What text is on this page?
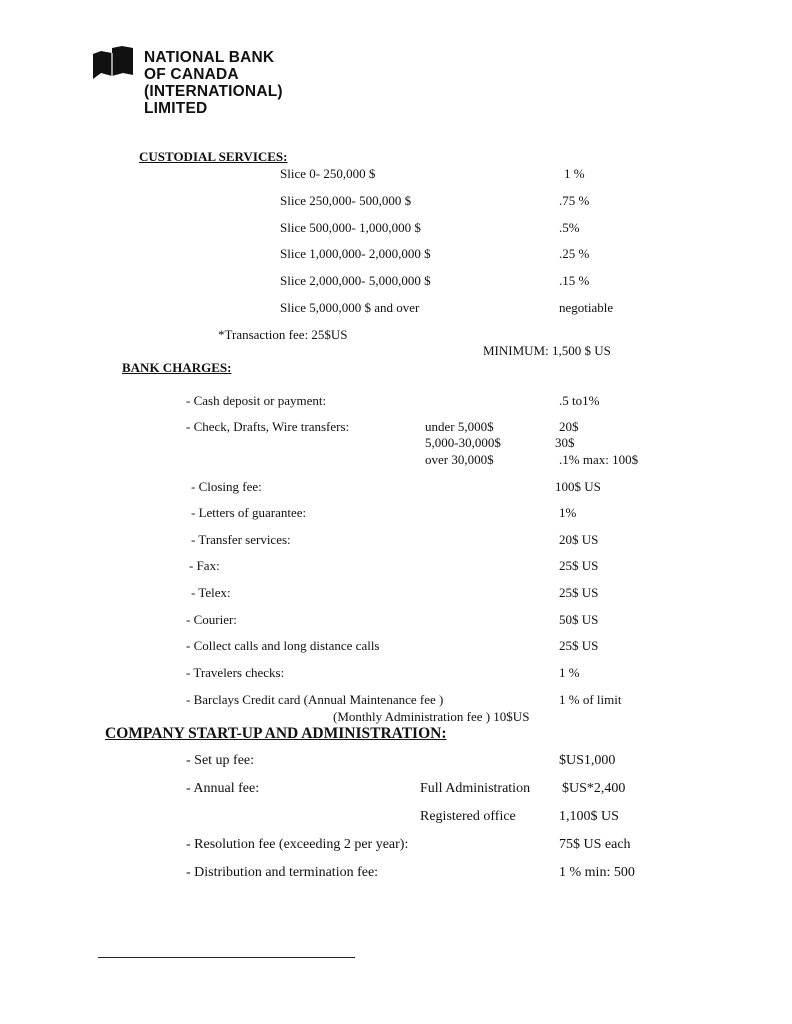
NATIONAL BANK
OF CANADA
(INTERNATIONAL)
LIMITED
CUSTODIAL SERVICES:
Slice 0- 250,000 $	1 %
Slice 250,000- 500,000 $	.75 %
Slice 500,000- 1,000,000 $	.5%
Slice 1,000,000- 2,000,000 $	.25 %
Slice 2,000,000- 5,000,000 $	.15 %
Slice 5,000,000 $ and over	negotiable
*Transaction fee: 25$US
MINIMUM: 1,500 $ US
BANK CHARGES:
- Cash deposit or payment:	.5 to1%
- Check, Drafts, Wire transfers:	under 5,000$	20$
5,000-30,000$	30$
over 30,000$	.1% max: 100$
- Closing fee:	100$ US
- Letters of guarantee:	1%
- Transfer services:	20$ US
- Fax:	25$ US
- Telex:	25$ US
- Courier:	50$ US
- Collect calls and long distance calls	25$ US
- Travelers checks:	1 %
- Barclays Credit card (Annual Maintenance fee )	1 % of limit
(Monthly Administration fee ) 10$US
COMPANY START-UP AND ADMINISTRATION:
- Set up fee:	$US1,000
- Annual fee:	Full Administration $US*2,400
Registered office	1,100$ US
- Resolution fee (exceeding 2 per year):	75$ US each
- Distribution and termination fee:	1 % min: 500
